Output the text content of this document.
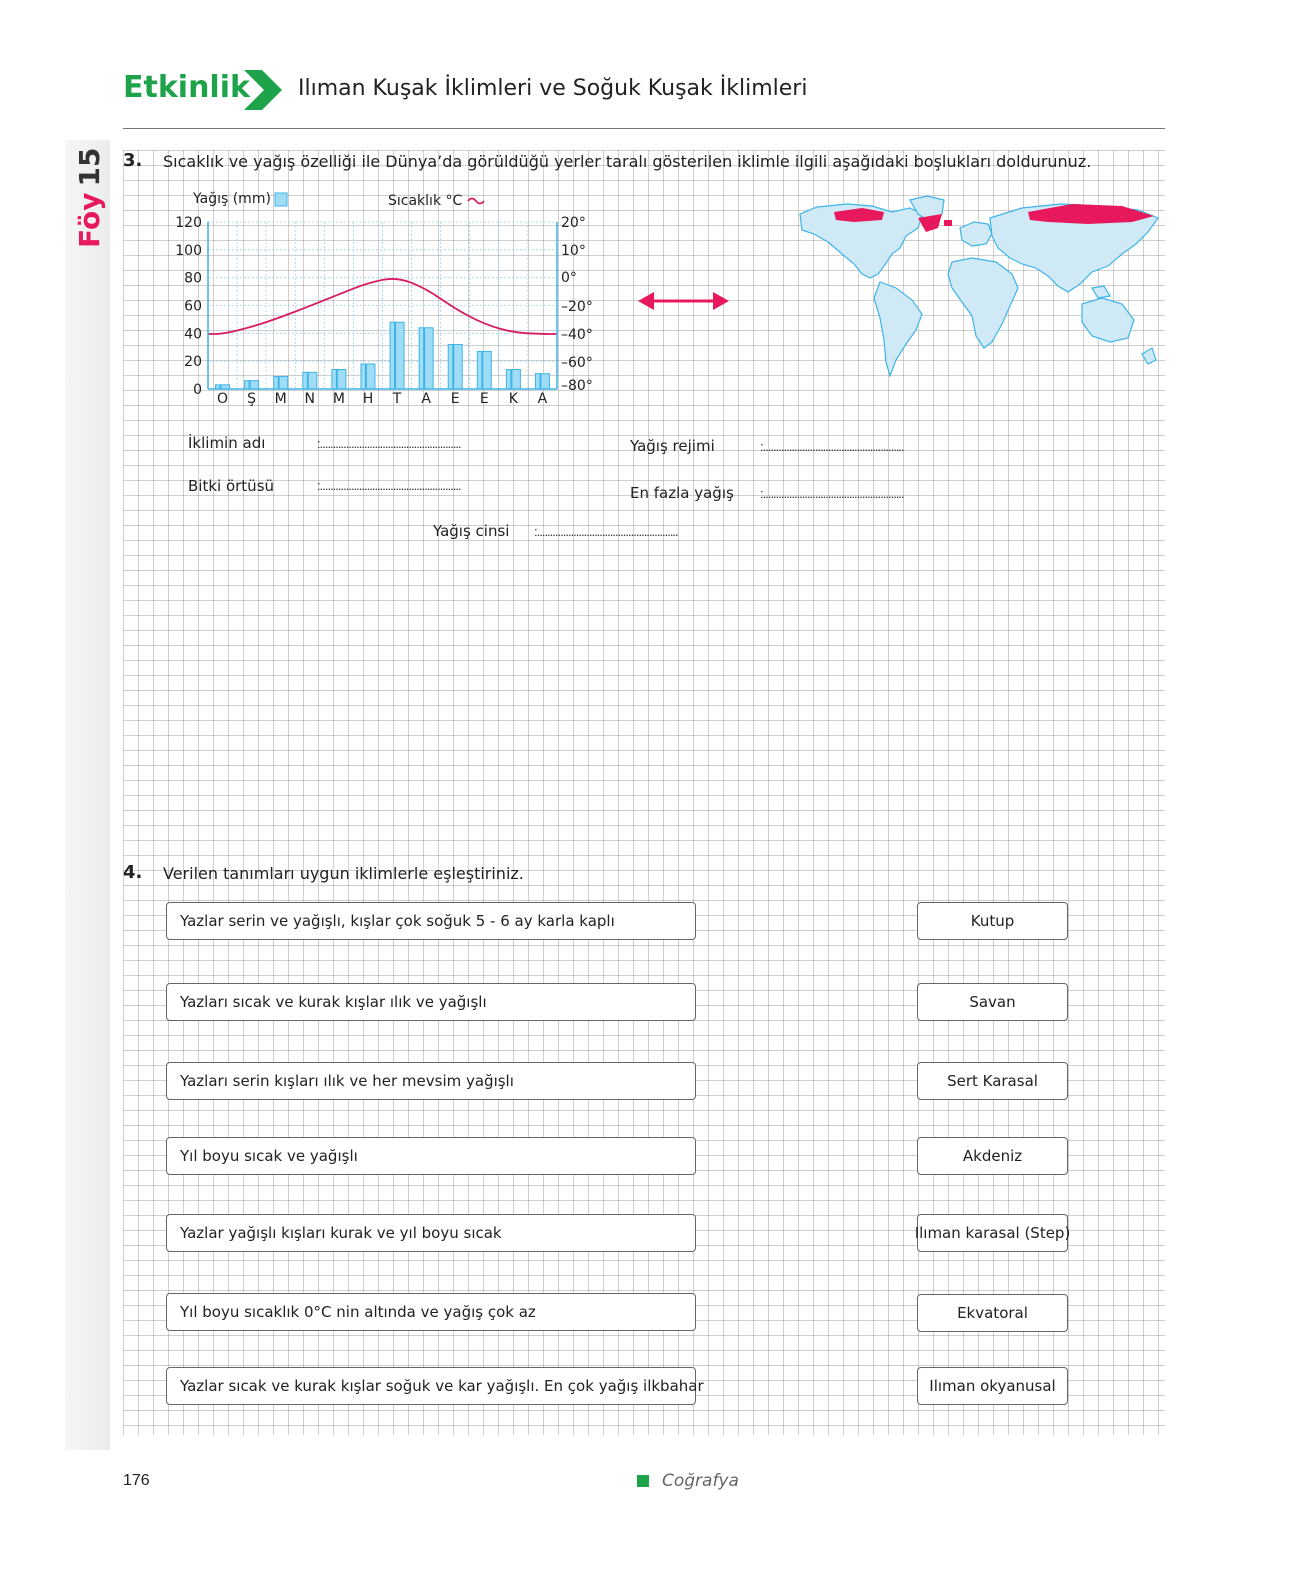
Föy15
Etkinlik Ilıman Kuşak İklimleri ve Soğuk Kuşak İklimleri
3. Sıcaklık ve yağış özelliği ile Dünya’da görüldüğü yerler taralı gösterilen iklimle ilgili aşağıdaki boşlukları doldurunuz.
120
100
80
60
40
20
0
20°
10°
0°
–20°
–40°
–60°
–80°
O Ş M N M H T A E E K A
Yağış (mm)	Sıcaklık °C
İklimin adı	:......................................................
Bitki örtüsü	:......................................................
Yağış cinsi :......................................................
Yağış rejimi	:......................................................
En fazla yağış :......................................................
4. Verilen tanımları uygun iklimlerle eşleştiriniz.
Yazlar serin ve yağışlı, kışlar çok soğuk 5 - 6 ay karla kaplı
Yazları sıcak ve kurak kışlar ılık ve yağışlı
Yazları serin kışları ılık ve her mevsim yağışlı
Yıl boyu sıcak ve yağışlı
Yazlar yağışlı kışları kurak ve yıl boyu sıcak
Yıl boyu sıcaklık 0°C nin altında ve yağış çok az
Yazlar sıcak ve kurak kışlar soğuk ve kar yağışlı. En çok yağış ilkbahar
Kutup
Savan
Sert Karasal
Akdeniz
Ilıman karasal (Step)
Ekvatoral
Ilıman okyanusal
176	Coğrafya
